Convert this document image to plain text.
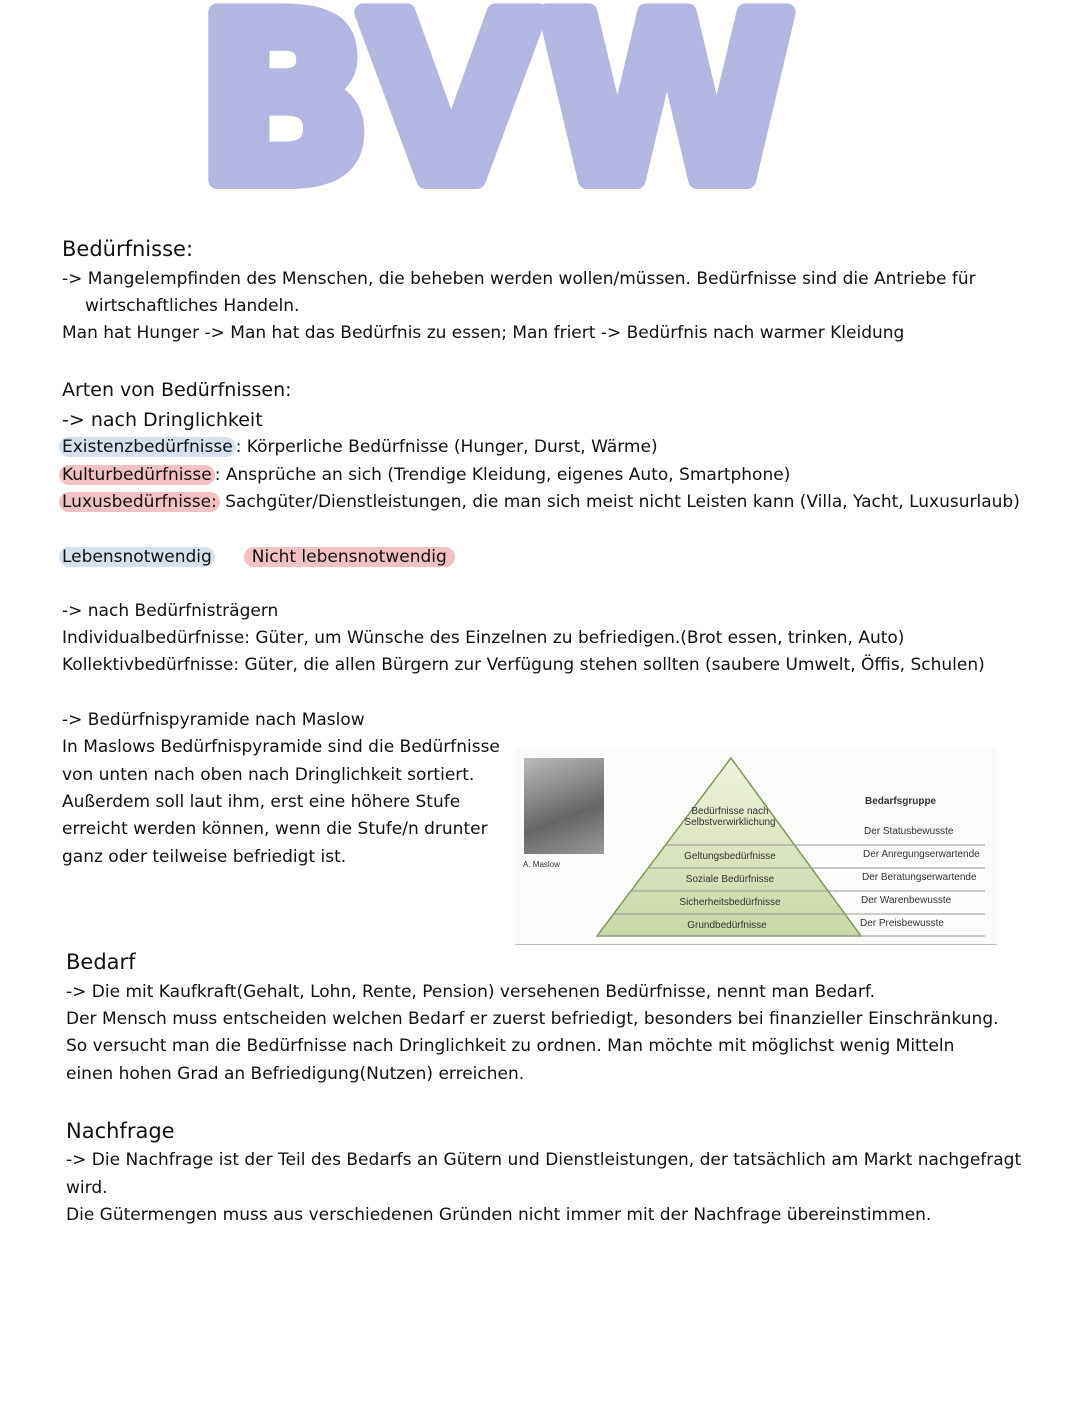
BVW
Bedürfnisse:
-> Mangelempfinden des Menschen, die beheben werden wollen/müssen. Bedürfnisse sind die Antriebe für
wirtschaftliches Handeln.
Man hat Hunger -> Man hat das Bedürfnis zu essen; Man friert -> Bedürfnis nach warmer Kleidung
Arten von Bedürfnissen:
-> nach Dringlichkeit
Existenzbedürfnisse : Körperliche Bedürfnisse (Hunger, Durst, Wärme)
Kulturbedürfnisse : Ansprüche an sich (Trendige Kleidung, eigenes Auto, Smartphone)
Luxusbedürfnisse: Sachgüter/Dienstleistungen, die man sich meist nicht Leisten kann (Villa, Yacht, Luxusurlaub)
Lebensnotwendig Nicht lebensnotwendig
-> nach Bedürfnisträgern
Individualbedürfnisse: Güter, um Wünsche des Einzelnen zu befriedigen.(Brot essen, trinken, Auto)
Kollektivbedürfnisse: Güter, die allen Bürgern zur Verfügung stehen sollten (saubere Umwelt, Öffis, Schulen)
-> Bedürfnispyramide nach Maslow
In Maslows Bedürfnispyramide sind die Bedürfnisse
von unten nach oben nach Dringlichkeit sortiert.
Außerdem soll laut ihm, erst eine höhere Stufe
erreicht werden können, wenn die Stufe/n drunter
ganz oder teilweise befriedigt ist.	A. Maslow
Bedürfnisse nach Selbstverwirklichung
Geltungsbedürfnisse
Soziale Bedürfnisse
Sicherheitsbedürfnisse
Grundbedürfnisse
Bedarfsgruppe
Der Statusbewusste
Der Anregungserwartende
Der Beratungserwartende
Der Warenbewusste
Der Preisbewusste
Bedarf
-> Die mit Kaufkraft(Gehalt, Lohn, Rente, Pension) versehenen Bedürfnisse, nennt man Bedarf.
Der Mensch muss entscheiden welchen Bedarf er zuerst befriedigt, besonders bei finanzieller Einschränkung.
So versucht man die Bedürfnisse nach Dringlichkeit zu ordnen. Man möchte mit möglichst wenig Mitteln
einen hohen Grad an Befriedigung(Nutzen) erreichen.
Nachfrage
-> Die Nachfrage ist der Teil des Bedarfs an Gütern und Dienstleistungen, der tatsächlich am Markt nachgefragt
wird.
Die Gütermengen muss aus verschiedenen Gründen nicht immer mit der Nachfrage übereinstimmen.
